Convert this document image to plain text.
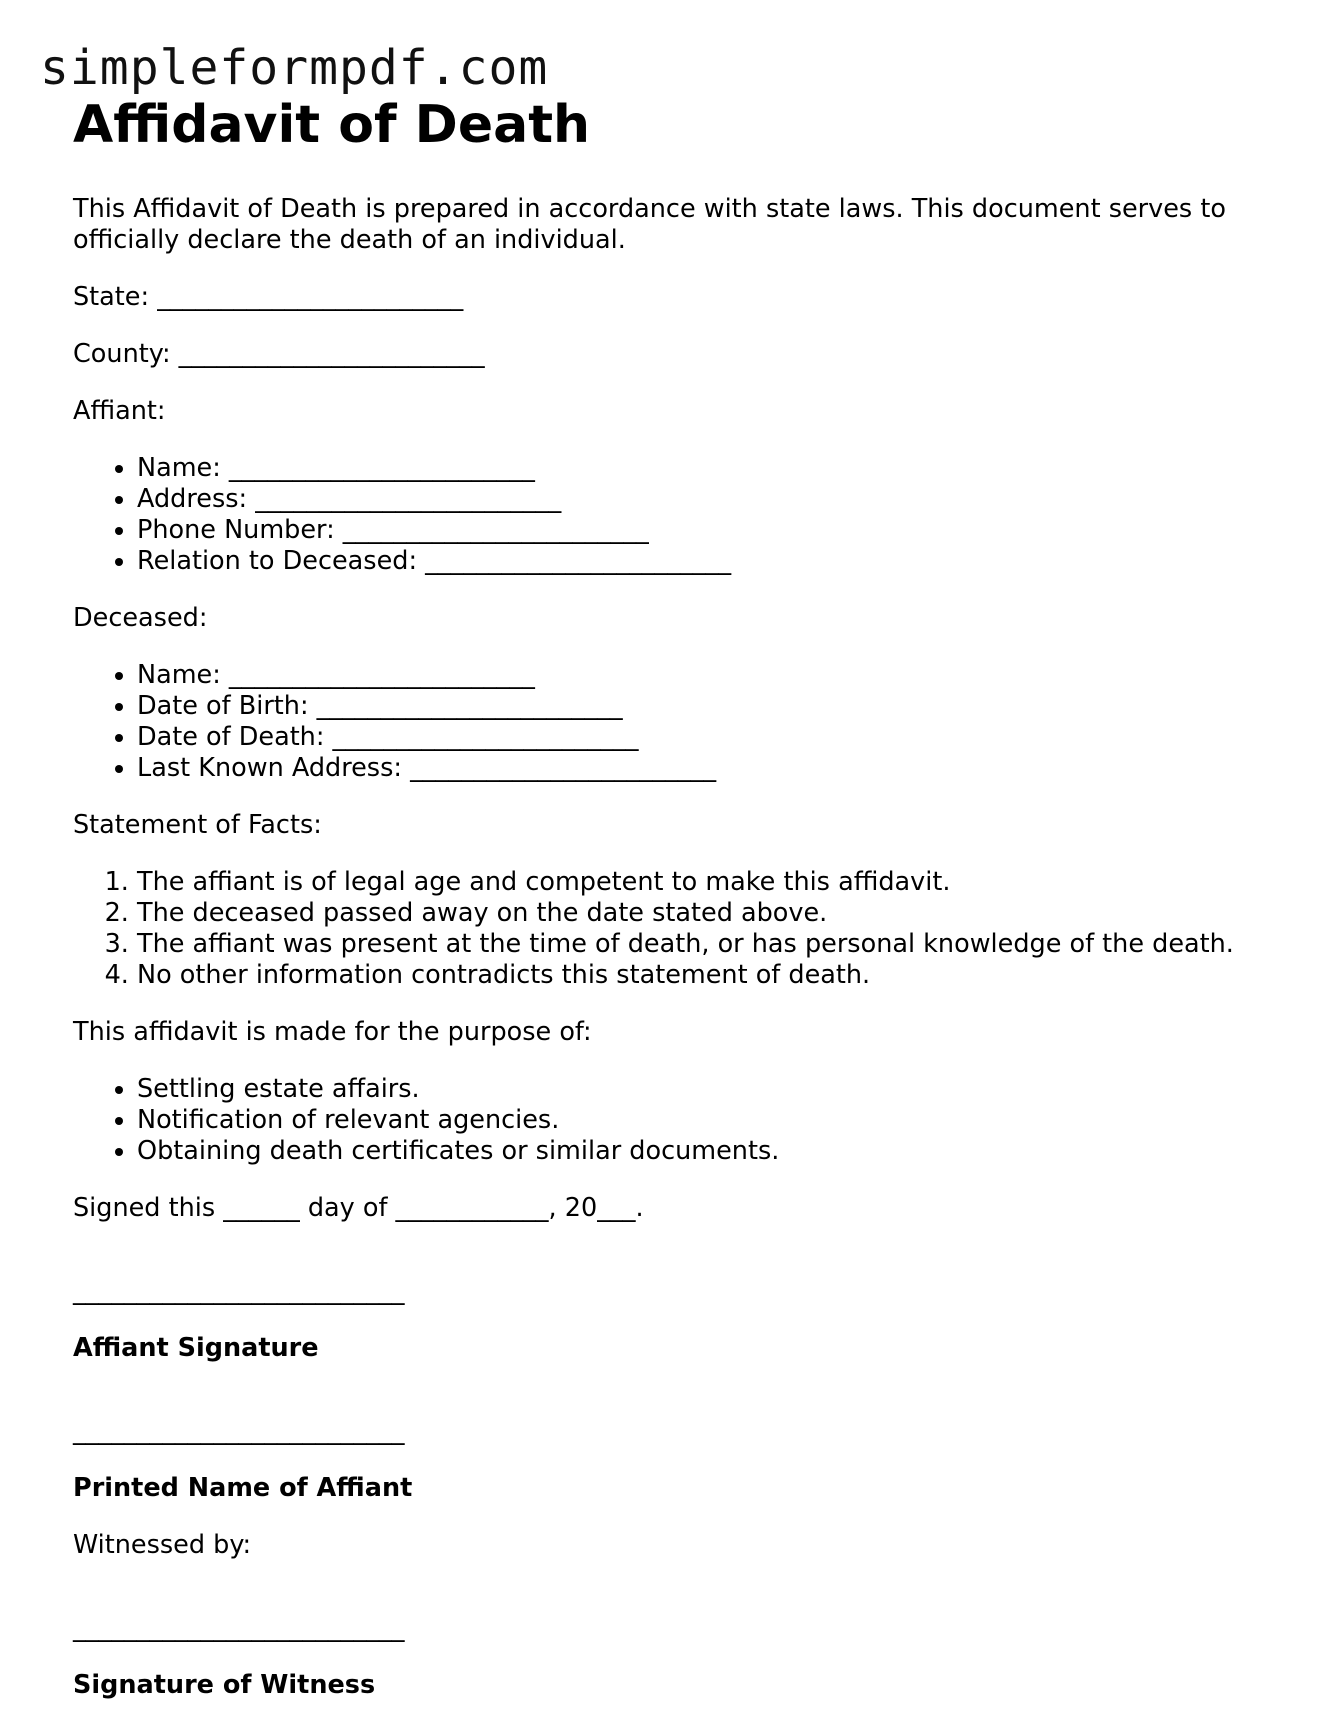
simpleformpdf.com
Affidavit of Death

This Affidavit of Death is prepared in accordance with state laws. This document serves to officially declare the death of an individual.

State: ________________________

County: ________________________

Affiant:

• Name: ________________________
• Address: ________________________
• Phone Number: ________________________
• Relation to Deceased: ________________________

Deceased:

• Name: ________________________
• Date of Birth: ________________________
• Date of Death: ________________________
• Last Known Address: ________________________

Statement of Facts:

1. The affiant is of legal age and competent to make this affidavit.
2. The deceased passed away on the date stated above.
3. The affiant was present at the time of death, or has personal knowledge of the death.
4. No other information contradicts this statement of death.

This affidavit is made for the purpose of:

• Settling estate affairs.
• Notification of relevant agencies.
• Obtaining death certificates or similar documents.

Signed this ______ day of ____________, 20___.

__________________________

Affiant Signature

__________________________

Printed Name of Affiant

Witnessed by:

__________________________

Signature of Witness
